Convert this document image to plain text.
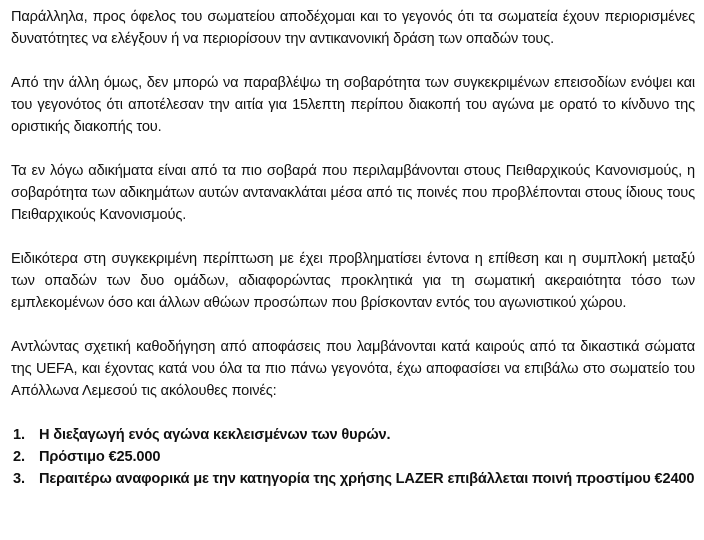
Παράλληλα, προς όφελος του σωματείου αποδέχομαι και το γεγονός ότι τα σωματεία έχουν περιορισμένες δυνατότητες να ελέγξουν ή να περιορίσουν την αντικανονική δράση των οπαδών τους.

Από την άλλη όμως, δεν μπορώ να παραβλέψω τη σοβαρότητα των συγκεκριμένων επεισοδίων ενόψει και του γεγονότος ότι αποτέλεσαν την αιτία για 15λεπτη περίπου διακοπή του αγώνα με ορατό το κίνδυνο της οριστικής διακοπής του.

Τα εν λόγω αδικήματα είναι από τα πιο σοβαρά που περιλαμβάνονται στους Πειθαρχικούς Κανονισμούς, η σοβαρότητα των αδικημάτων αυτών αντανακλάται μέσα από τις ποινές που προβλέπονται στους ίδιους τους Πειθαρχικούς Κανονισμούς.

Ειδικότερα στη συγκεκριμένη περίπτωση με έχει προβληματίσει έντονα η επίθεση και η συμπλοκή μεταξύ των οπαδών των δυο ομάδων, αδιαφορώντας προκλητικά για τη σωματική ακεραιότητα τόσο των εμπλεκομένων όσο και άλλων αθώων προσώπων που βρίσκονταν εντός του αγωνιστικού χώρου.

Αντλώντας σχετική καθοδήγηση από αποφάσεις που λαμβάνονται κατά καιρούς από τα δικαστικά σώματα της UEFA, και έχοντας κατά νου όλα τα πιο πάνω γεγονότα, έχω αποφασίσει να επιβάλω στο σωματείο του Απόλλωνα Λεμεσού τις ακόλουθες ποινές:

1. Η διεξαγωγή ενός αγώνα κεκλεισμένων των θυρών.
2. Πρόστιμο €25.000
3. Περαιτέρω αναφορικά με την κατηγορία της χρήσης LAZER επιβάλλεται ποινή προστίμου €2400
